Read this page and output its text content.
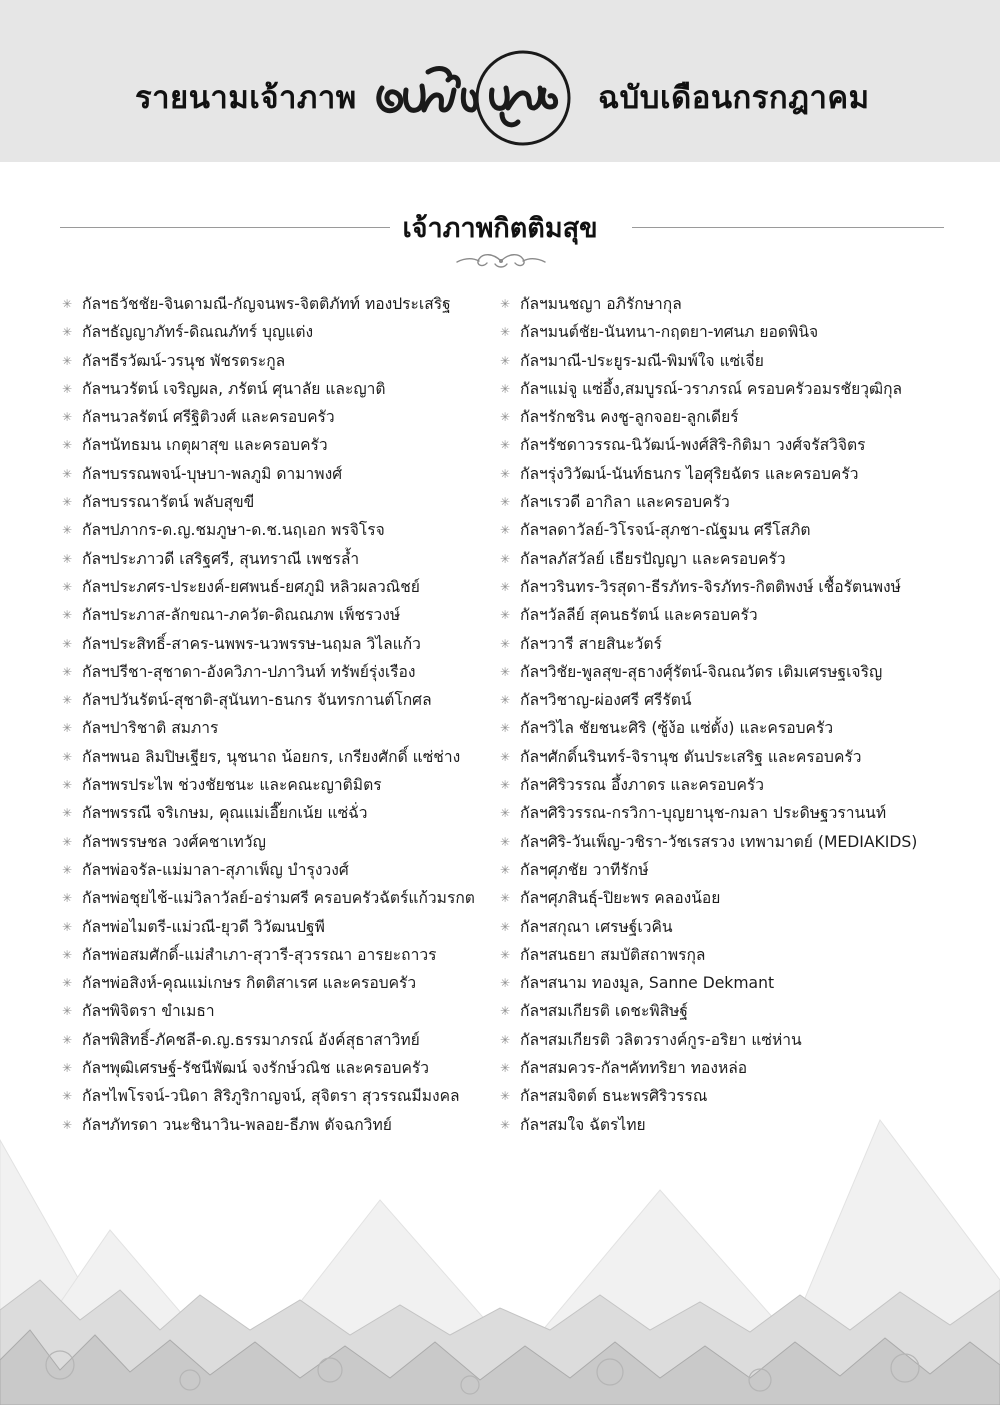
รายนามเจ้าภาพ	ฉบับเดือนกรกฎาคม
เจ้าภาพกิตติมสุข
✳ กัลฯธวัชชัย-จินดามณี-กัญจนพร-จิตติภัทท์ ทองประเสริฐ
✳ กัลฯธัญญาภัทร์-ดิณณภัทร์ บุญแต่ง
✳ กัลฯธีรวัฒน์-วรนุช พัชรตระกูล
✳ กัลฯนวรัตน์ เจริญผล, ภรัตน์ ศุนาลัย และญาติ
✳ กัลฯนวลรัตน์ ศรีฐิติวงศ์ และครอบครัว
✳ กัลฯนัทธมน เกตุผาสุข และครอบครัว
✳ กัลฯบรรณพจน์-บุษบา-พลภูมิ ดามาพงศ์
✳ กัลฯบรรณารัตน์ พลับสุขขี
✳ กัลฯปภากร-ด.ญ.ชมภูษา-ด.ช.นฤเอก พรจิโรจ
✳ กัลฯประภาวดี เสริฐศรี, สุนทราณี เพชรล้ำ
✳ กัลฯประภศร-ประยงค์-ยศพนธ์-ยศภูมิ หลิวผลวณิชย์
✳ กัลฯประภาส-ลักขณา-ภควัต-ดิณณภพ เพ็ชรวงษ์
✳ กัลฯประสิทธิ์-สาคร-นพพร-นวพรรษ-นฤมล วิไลแก้ว
✳ กัลฯปรีชา-สุชาดา-อังควิภา-ปภาวินท์ ทรัพย์รุ่งเรือง
✳ กัลฯปวันรัตน์-สุชาติ-สุนันทา-ธนกร จันทรกานต์โกศล
✳ กัลฯปาริชาติ สมภาร
✳ กัลฯพนอ ลิมปิษเฐียร, นุชนาถ น้อยกร, เกรียงศักดิ์ แซ่ช่าง
✳ กัลฯพรประไพ ช่วงชัยชนะ และคณะญาติมิตร
✳ กัลฯพรรณี จริเกษม, คุณแม่เอี๊ยกเน้ย แซ่ฉั่ว
✳ กัลฯพรรษชล วงศ์คชาเทวัญ
✳ กัลฯพ่อจรัล-แม่มาลา-สุภาเพ็ญ บำรุงวงศ์
✳ กัลฯพ่อชุยไช้-แม่วิลาวัลย์-อร่ามศรี ครอบครัวฉัตร์แก้วมรกต
✳ กัลฯพ่อไมตรี-แม่วณี-ยุวดี วิวัฒนปฐพี
✳ กัลฯพ่อสมศักดิ์-แม่สำเภา-สุวารี-สุวรรณา อารยะถาวร
✳ กัลฯพ่อสิงห์-คุณแม่เกษร กิตติสาเรศ และครอบครัว
✳ กัลฯพิจิตรา ขำเมธา
✳ กัลฯพิสิทธิ์-ภัคชลี-ด.ญ.ธรรมาภรณ์ อังค์สุธาสาวิทย์
✳ กัลฯพุฒิเศรษฐ์-รัชนีพัฒน์ จงรักษ์วณิช และครอบครัว
✳ กัลฯไพโรจน์-วนิดา สิริภูริกาญจน์, สุจิตรา สุวรรณมีมงคล
✳ กัลฯภัทรดา วนะชินาวิน-พลอย-ธีภพ ตัจฉกวิทย์
✳ กัลฯมนชญา อภิรักษากุล
✳ กัลฯมนต์ชัย-นันทนา-กฤตยา-ทศนภ ยอดพินิจ
✳ กัลฯมาณี-ประยูร-มณี-พิมพ์ใจ แซ่เจี่ย
✳ กัลฯแม่จู แซ่อึ้ง,สมบูรณ์-วราภรณ์ ครอบครัวอมรชัยวุฒิกุล
✳ กัลฯรักชริน คงชู-ลูกจอย-ลูกเดียร์
✳ กัลฯรัชดาวรรณ-นิวัฒน์-พงศ์สิริ-กิติมา วงศ์จรัสวิจิตร
✳ กัลฯรุ่งวิวัฒน์-นันท์ธนกร ไอศุริยฉัตร และครอบครัว
✳ กัลฯเรวดี อากิลา และครอบครัว
✳ กัลฯลดาวัลย์-วิโรจน์-สุภชา-ณัฐมน ศรีโสภิต
✳ กัลฯลภัสวัลย์ เธียรปัญญา และครอบครัว
✳ กัลฯวรินทร-วิรสุดา-ธีรภัทร-จิรภัทร-กิตติพงษ์ เชื้อรัตนพงษ์
✳ กัลฯวัลลีย์ สุคนธรัตน์ และครอบครัว
✳ กัลฯวารี สายสินะวัตร์
✳ กัลฯวิชัย-พูลสุข-สุธางศุ์รัตน์-จิณณวัตร เติมเศรษฐเจริญ
✳ กัลฯวิชาญ-ผ่องศรี ศรีรัตน์
✳ กัลฯวิไล ชัยชนะศิริ (ซู้ง้อ แซ่ตั้ง) และครอบครัว
✳ กัลฯศักดิ์นรินทร์-จิรานุช ตันประเสริฐ และครอบครัว
✳ กัลฯศิริวรรณ อึ้งภาดร และครอบครัว
✳ กัลฯศิริวรรณ-กรวิกา-บุญยานุช-กมลา ประดิษฐวรานนท์
✳ กัลฯศิริ-วันเพ็ญ-วชิรา-วัชเรสรวง เทพามาตย์ (MEDIAKIDS)
✳ กัลฯศุภชัย วาทีรักษ์
✳ กัลฯศุภสินธุ์-ปิยะพร คลองน้อย
✳ กัลฯสกุณา เศรษฐ์เวคิน
✳ กัลฯสนธยา สมบัติสถาพรกุล
✳ กัลฯสนาม ทองมูล, Sanne Dekmant
✳ กัลฯสมเกียรติ เดชะพิสิษฐ์
✳ กัลฯสมเกียรติ วลิตวรางค์กูร-อริยา แซ่ห่าน
✳ กัลฯสมควร-กัลฯคัททริยา ทองหล่อ
✳ กัลฯสมจิตต์ ธนะพรศิริวรรณ
✳ กัลฯสมใจ ฉัตรไทย
